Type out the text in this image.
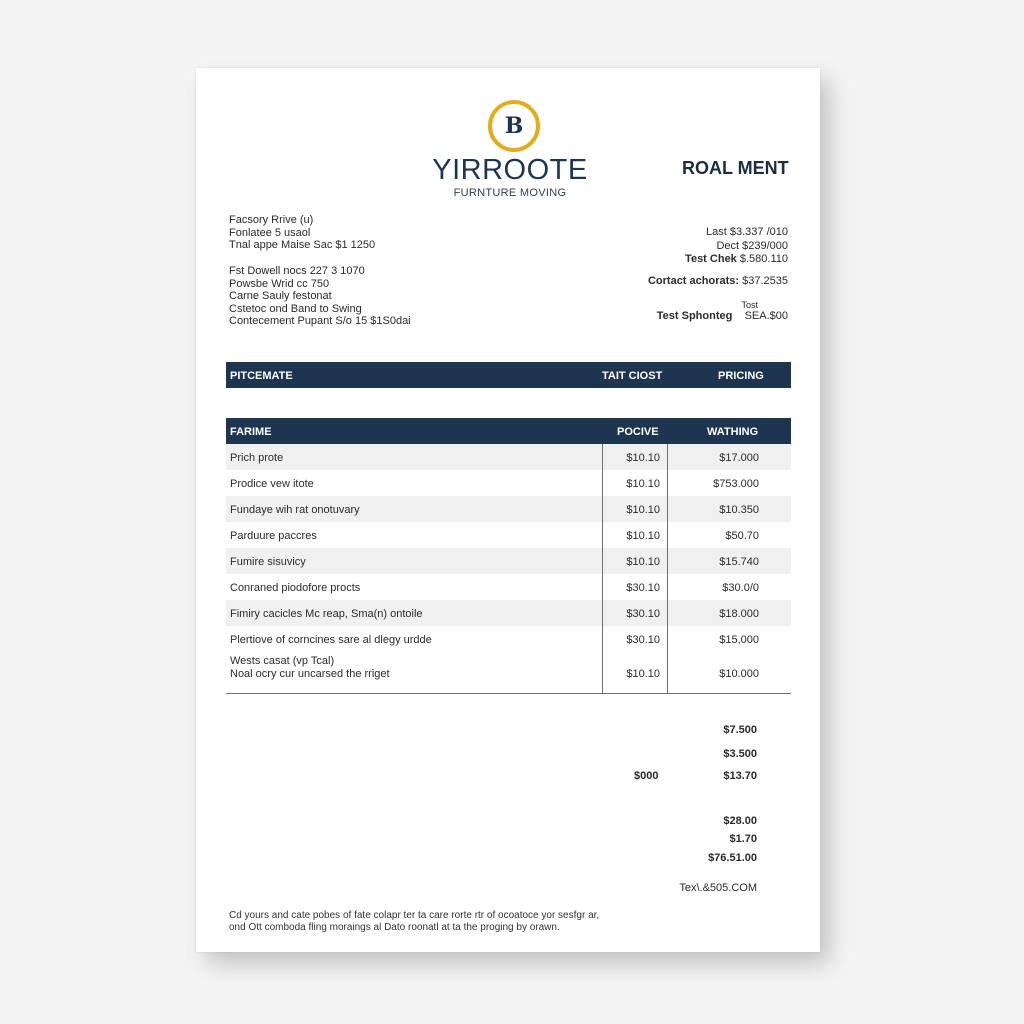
B
YIRROOTE
FURNTURE MOVING
ROAL MENT
Facsory Rrive (u)
Fonlatee 5 usaol
Tnal appe Maise Sac $1 1250
Fst Dowell nocs 227 3 1070
Powsbe Wrid cc 750
Carne Sauly festonat
Cstetoc ond Band to Swing
Contecement Pupant S/o 15 $1S0dai
Last $3.337 /010
Dect $239/000
Test Chek $.580.110
Cortact achorats: $37.2535
Tost
Test Sphonteg SEA.$00
PITCEMATE	TAIT CIOST	PRICING
FARIME	POCIVE	WATHING
Prich prote	$10.10	$17.000
Prodice vew itote	$10.10	$753.000
Fundaye wih rat onotuvary	$10.10	$10.350
Parduure paccres	$10.10	$50.70
Fumire sisuvicy	$10.10	$15.740
Conraned piodofore procts	$30.10	$30.0/0
Fimiry cacicles Mc reap, Sma(n) ontoile	$30.10	$18.000
Plertiove of corncines sare al dlegy urdde	$30.10	$15,000
Wests casat (vp Tcal)
Noal ocry cur uncarsed the rriget	$10.10	$10.000
$7.500
$3.500
$000	$13.70
$28.00
$1.70
$76.51.00
Tex\.&505.COM
Cd yours and cate pobes of fate colapr ter ta care rorte rtr of ocoatoce yor sesfgr ar,
ond Ott comboda fling moraings al Dato roonatl at ta the proging by orawn.
